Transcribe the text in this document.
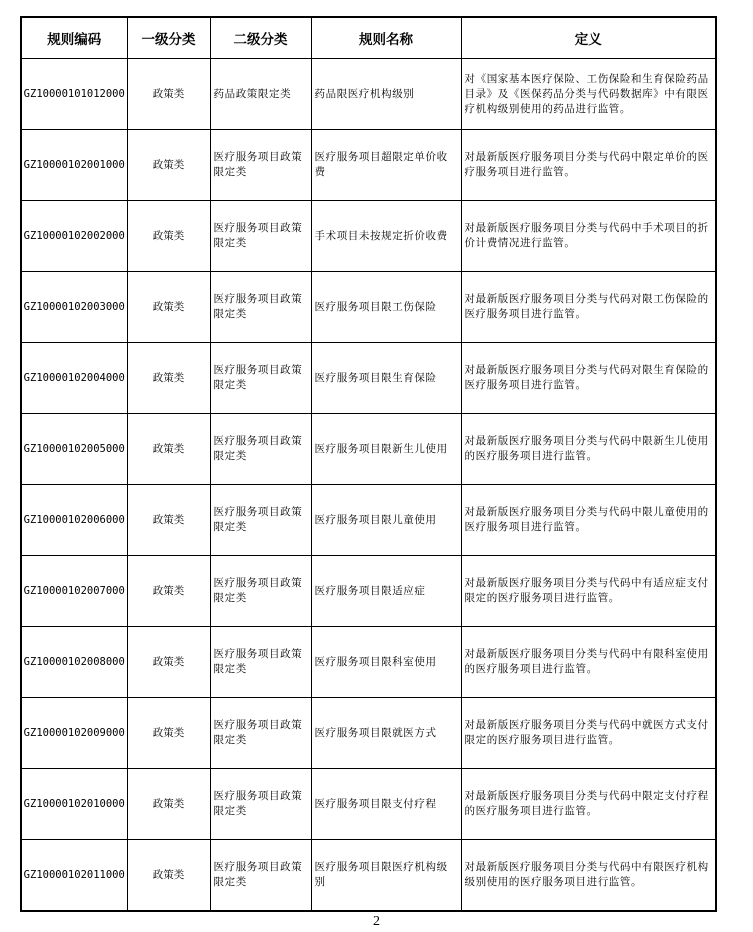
规则编码	一级分类	二级分类	规则名称	定义
GZ10000101012000	政策类	药品政策限定类	药品限医疗机构级别	对《国家基本医疗保险、工伤保险和生育保险药品目录》及《医保药品分类与代码数据库》中有限医疗机构级别使用的药品进行监管。
GZ10000102001000	政策类	医疗服务项目政策限定类	医疗服务项目超限定单价收费	对最新版医疗服务项目分类与代码中限定单价的医疗服务项目进行监管。
GZ10000102002000	政策类	医疗服务项目政策限定类	手术项目未按规定折价收费	对最新版医疗服务项目分类与代码中手术项目的折价计费情况进行监管。
GZ10000102003000	政策类	医疗服务项目政策限定类	医疗服务项目限工伤保险	对最新版医疗服务项目分类与代码对限工伤保险的医疗服务项目进行监管。
GZ10000102004000	政策类	医疗服务项目政策限定类	医疗服务项目限生育保险	对最新版医疗服务项目分类与代码对限生育保险的医疗服务项目进行监管。
GZ10000102005000	政策类	医疗服务项目政策限定类	医疗服务项目限新生儿使用	对最新版医疗服务项目分类与代码中限新生儿使用的医疗服务项目进行监管。
GZ10000102006000	政策类	医疗服务项目政策限定类	医疗服务项目限儿童使用	对最新版医疗服务项目分类与代码中限儿童使用的医疗服务项目进行监管。
GZ10000102007000	政策类	医疗服务项目政策限定类	医疗服务项目限适应症	对最新版医疗服务项目分类与代码中有适应症支付限定的医疗服务项目进行监管。
GZ10000102008000	政策类	医疗服务项目政策限定类	医疗服务项目限科室使用	对最新版医疗服务项目分类与代码中有限科室使用的医疗服务项目进行监管。
GZ10000102009000	政策类	医疗服务项目政策限定类	医疗服务项目限就医方式	对最新版医疗服务项目分类与代码中就医方式支付限定的医疗服务项目进行监管。
GZ10000102010000	政策类	医疗服务项目政策限定类	医疗服务项目限支付疗程	对最新版医疗服务项目分类与代码中限定支付疗程的医疗服务项目进行监管。
GZ10000102011000	政策类	医疗服务项目政策限定类	医疗服务项目限医疗机构级别	对最新版医疗服务项目分类与代码中有限医疗机构级别使用的医疗服务项目进行监管。
2
